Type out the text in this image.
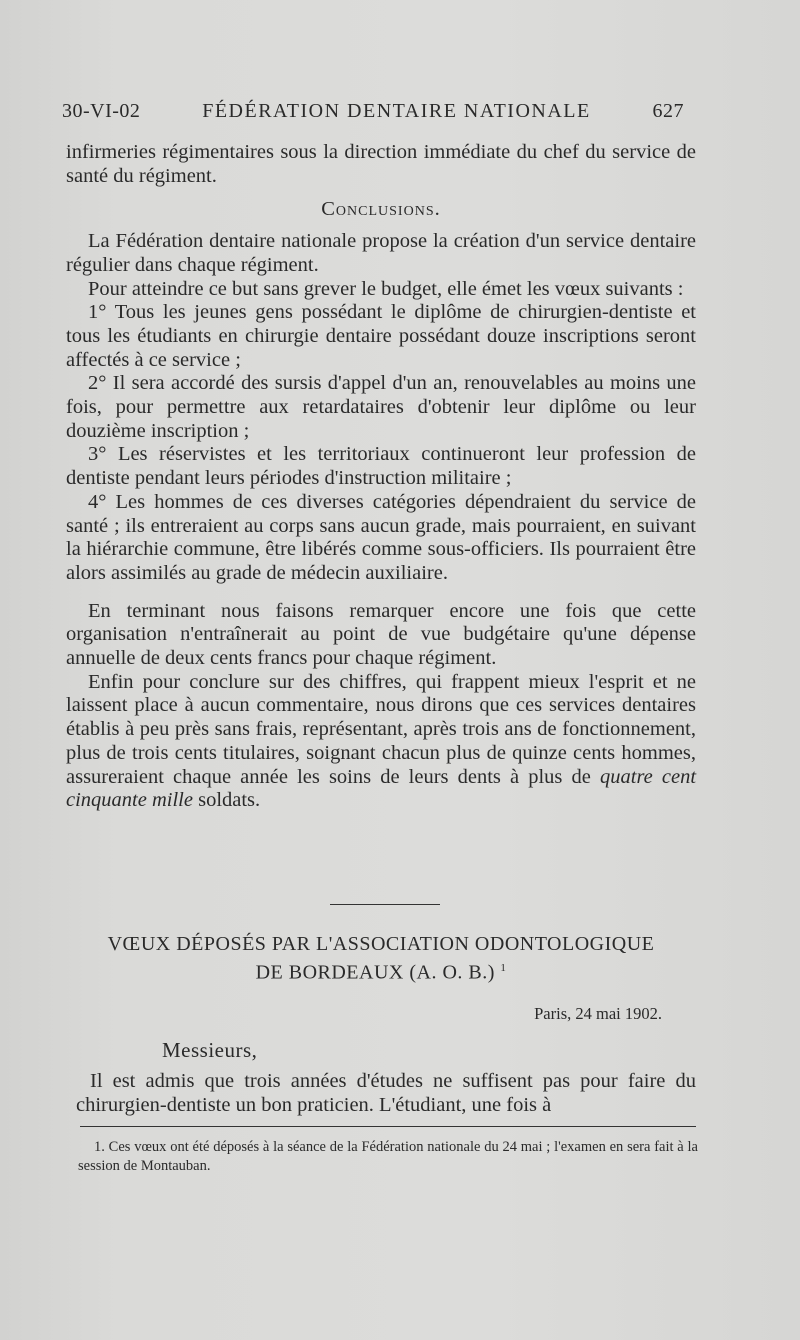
30-VI-02	FÉDÉRATION DENTAIRE NATIONALE	627

infirmeries régimentaires sous la direction immédiate du chef du service de santé du régiment.

Conclusions.

La Fédération dentaire nationale propose la création d'un service dentaire régulier dans chaque régiment.

Pour atteindre ce but sans grever le budget, elle émet les vœux suivants :

1° Tous les jeunes gens possédant le diplôme de chirurgien-dentiste et tous les étudiants en chirurgie dentaire possédant douze inscriptions seront affectés à ce service ;

2° Il sera accordé des sursis d'appel d'un an, renouvelables au moins une fois, pour permettre aux retardataires d'obtenir leur diplôme ou leur douzième inscription ;

3° Les réservistes et les territoriaux continueront leur profession de dentiste pendant leurs périodes d'instruction militaire ;

4° Les hommes de ces diverses catégories dépendraient du service de santé ; ils entreraient au corps sans aucun grade, mais pourraient, en suivant la hiérarchie commune, être libérés comme sous-officiers. Ils pourraient être alors assimilés au grade de médecin auxiliaire.

En terminant nous faisons remarquer encore une fois que cette organisation n'entraînerait au point de vue budgétaire qu'une dépense annuelle de deux cents francs pour chaque régiment.

Enfin pour conclure sur des chiffres, qui frappent mieux l'esprit et ne laissent place à aucun commentaire, nous dirons que ces services dentaires établis à peu près sans frais, représentant, après trois ans de fonctionnement, plus de trois cents titulaires, soignant chacun plus de quinze cents hommes, assureraient chaque année les soins de leurs dents à plus de quatre cent cinquante mille soldats.

VŒUX DÉPOSÉS PAR L'ASSOCIATION ODONTOLOGIQUE
DE BORDEAUX (A. O. B.) $^1$
Paris, 24 mai 1902.
Messieurs,

Il est admis que trois années d'études ne suffisent pas pour faire du chirurgien-dentiste un bon praticien. L'étudiant, une fois à

1. Ces vœux ont été déposés à la séance de la Fédération nationale du 24 mai ; l'examen en sera fait à la session de Montauban.
